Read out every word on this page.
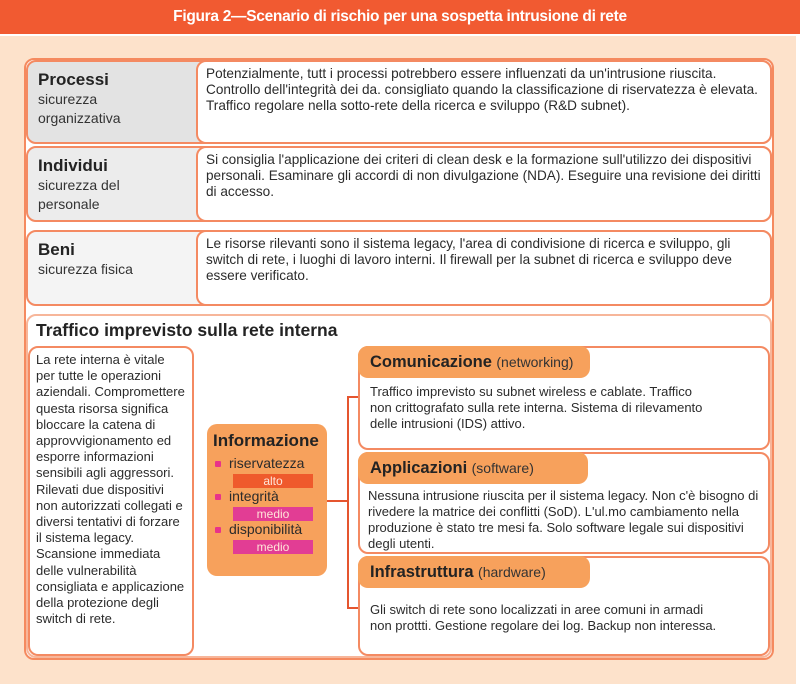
Figura 2—Scenario di rischio per una sospetta intrusione di rete
Processi
sicurezza organizzativa
Potenzialmente, tutt i processi potrebbero essere influenzati da un'intrusione riuscita. Controllo dell'integrità dei da. consigliato quando la classificazione di riservatezza è elevata. Traffico regolare nella sotto-rete della ricerca e sviluppo (R&D subnet).
Individui
sicurezza del personale
Si consiglia l'applicazione dei criteri di clean desk e la formazione sull'utilizzo dei dispositivi personali. Esaminare gli accordi di non divulgazione (NDA). Eseguire una revisione dei diritti di accesso.
Beni
sicurezza fisica
Le risorse rilevanti sono il sistema legacy, l'area di condivisione di ricerca e sviluppo, gli switch di rete, i luoghi di lavoro interni. Il firewall per la subnet di ricerca e sviluppo deve essere verificato.
Traffico imprevisto sulla rete interna
La rete interna è vitale per tutte le operazioni aziendali. Compromettere questa risorsa significa bloccare la catena di approvvigionamento ed esporre informazioni sensibili agli aggressori. Rilevati due dispositivi non autorizzati collegati e diversi tentativi di forzare il sistema legacy. Scansione immediata delle vulnerabilità consigliata e applicazione della protezione degli switch di rete.
Informazione
riservatezza
alto
integrità
medio
disponibilità
medio
Comunicazione (networking)
Traffico imprevisto su subnet wireless e cablate. Traffico non crittografato sulla rete interna. Sistema di rilevamento delle intrusioni (IDS) attivo.
Applicazioni (software)
Nessuna intrusione riuscita per il sistema legacy. Non c'è bisogno di rivedere la matrice dei conflitti (SoD). L'ul.mo cambiamento nella produzione è stato tre mesi fa. Solo software legale sui dispositivi degli utenti.
Infrastruttura (hardware)
Gli switch di rete sono localizzati in aree comuni in armadi non prottti. Gestione regolare dei log. Backup non interessa.
